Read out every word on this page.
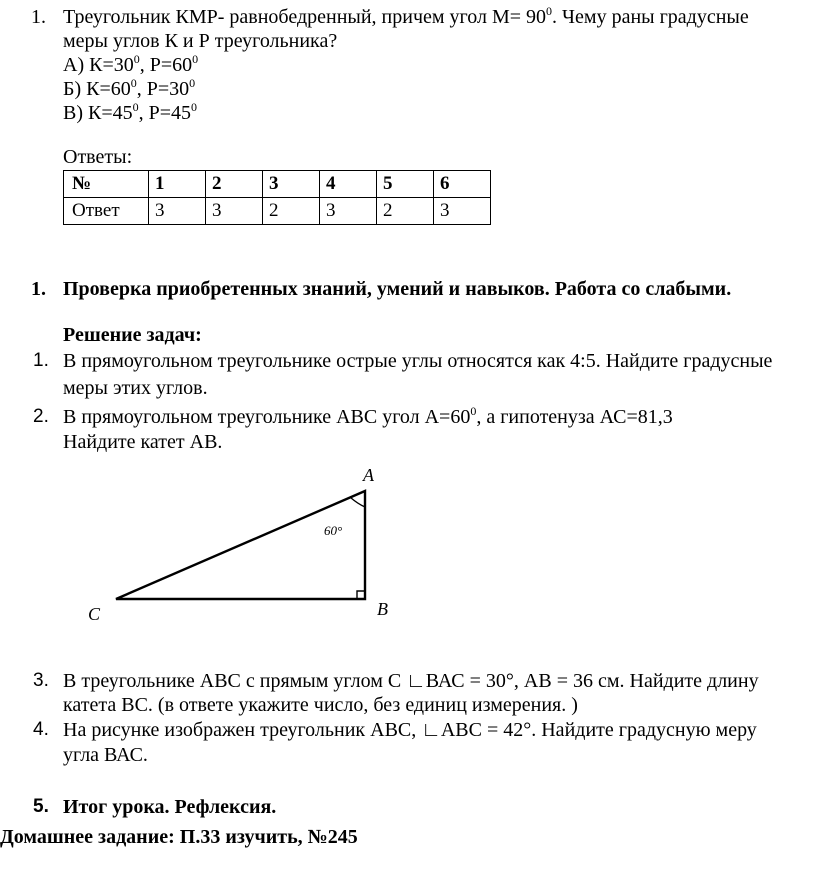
1. Треугольник КМР- равнобедренный, причем угол $М= 90^0$. Чему раны градусные
меры углов К и Р треугольника?
А) $К=30^0$, $Р=60^0$
Б) $К=60^0$, $Р=30^0$
В) $К=45^0$, $Р=45^0$
Ответы:
№	1	2	3	4	5	6
Ответ	3	3	2	3	2	3
1. Проверка приобретенных знаний, умений и навыков. Работа со слабыми.
Решение задач:
1. В прямоугольном треугольнике острые углы относятся как 4:5. Найдите градусные
меры этих углов.
2. В прямоугольном треугольнике АВС угол $А=60^0$, а гипотенуза АС=81,3
Найдите катет АВ.
A
B
C
60°
3. В треугольнике АВС с прямым углом С ∟ВАС = 30°, АВ = 36 см. Найдите длину
катета ВС. (в ответе укажите число, без единиц измерения. )
4. На рисунке изображен треугольник АВС, ∟АВС = 42°. Найдите градусную меру
угла ВАС.
5. Итог урока. Рефлексия.
Домашнее задание: П.33 изучить, №245
